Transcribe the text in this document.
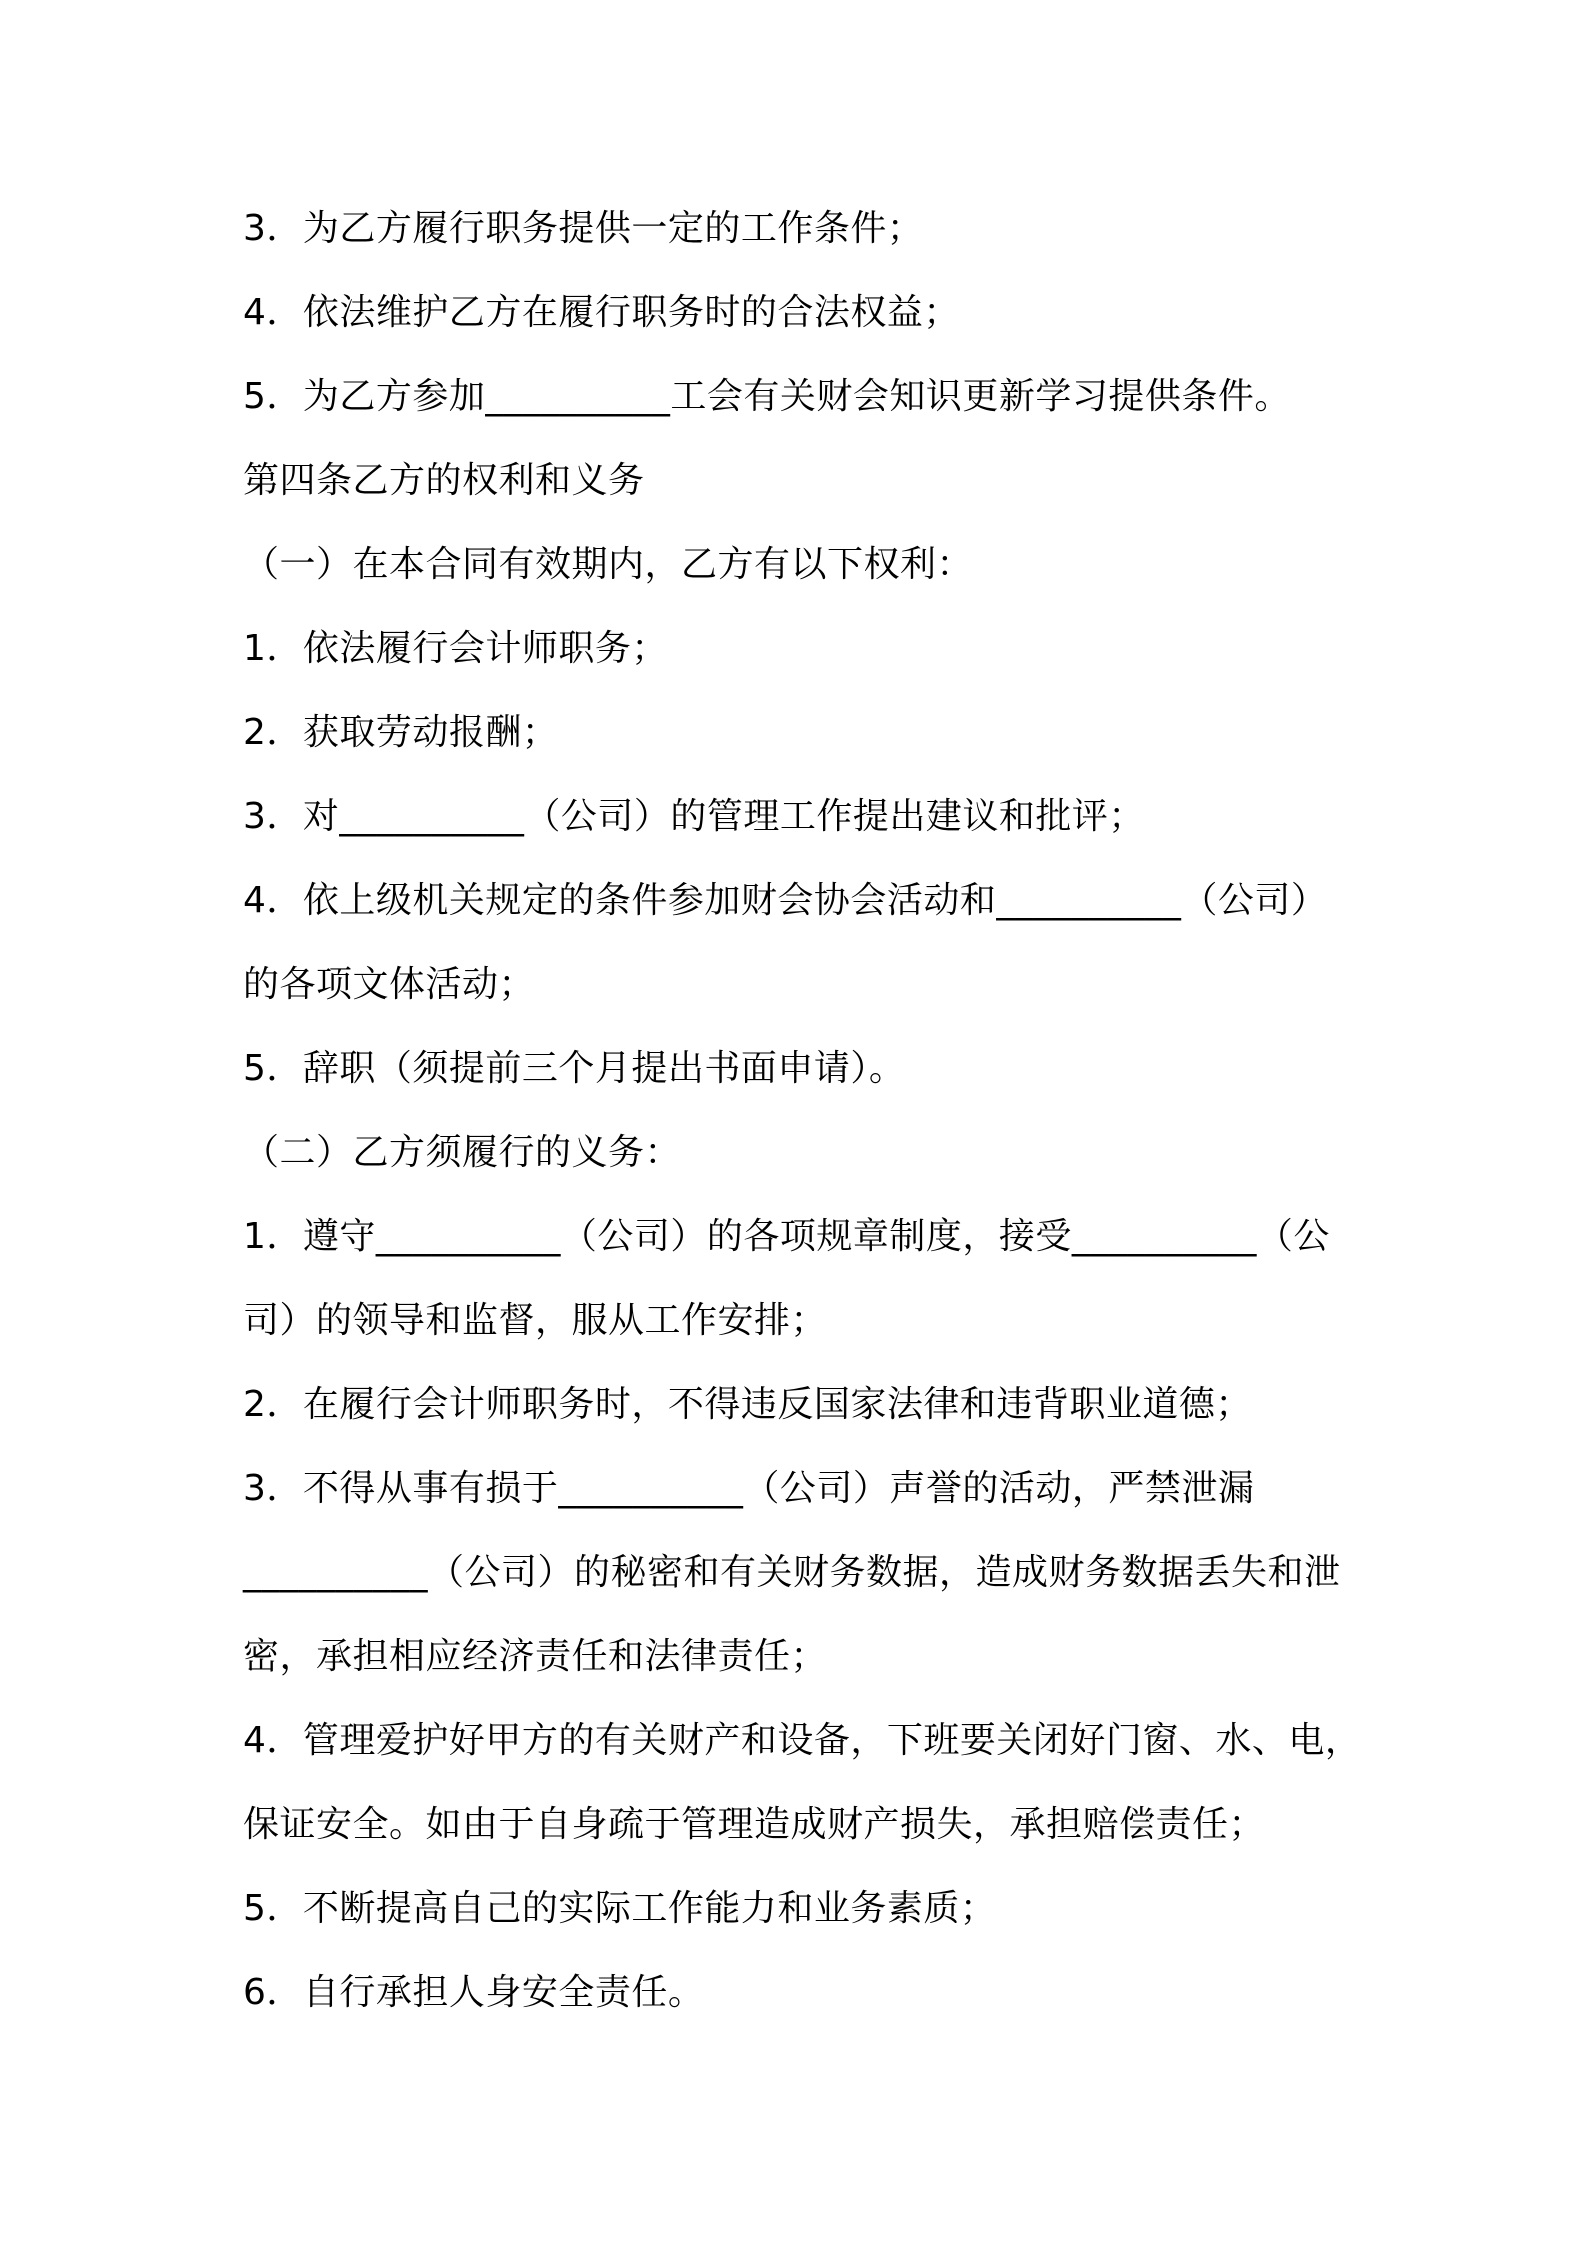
3．为乙方履行职务提供一定的工作条件；
4．依法维护乙方在履行职务时的合法权益；
5．为乙方参加__________工会有关财会知识更新学习提供条件。
第四条乙方的权利和义务
（一）在本合同有效期内，乙方有以下权利：
1．依法履行会计师职务；
2．获取劳动报酬；
3．对__________（公司）的管理工作提出建议和批评；
4．依上级机关规定的条件参加财会协会活动和__________（公司）
的各项文体活动；
5．辞职（须提前三个月提出书面申请）。
（二）乙方须履行的义务：
1．遵守__________（公司）的各项规章制度，接受__________（公
司）的领导和监督，服从工作安排；
2．在履行会计师职务时，不得违反国家法律和违背职业道德；
3．不得从事有损于__________（公司）声誉的活动，严禁泄漏
__________（公司）的秘密和有关财务数据，造成财务数据丢失和泄
密，承担相应经济责任和法律责任；
4．管理爱护好甲方的有关财产和设备，下班要关闭好门窗、水、电，
保证安全。如由于自身疏于管理造成财产损失，承担赔偿责任；
5．不断提高自己的实际工作能力和业务素质；
6．自行承担人身安全责任。
